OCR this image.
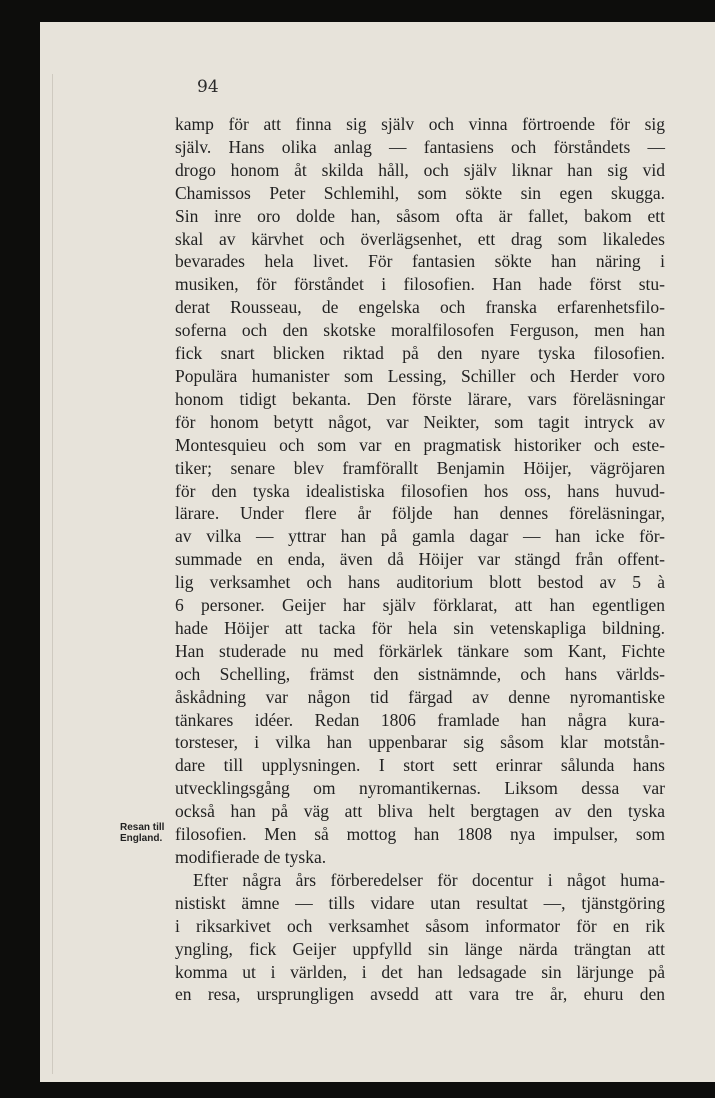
94
Resan till
England.
kamp för att finna sig själv och vinna förtroende för sig
själv. Hans olika anlag — fantasiens och förståndets —
drogo honom åt skilda håll, och själv liknar han sig vid
Chamissos Peter Schlemihl, som sökte sin egen skugga.
Sin inre oro dolde han, såsom ofta är fallet, bakom ett
skal av kärvhet och överlägsenhet, ett drag som likaledes
bevarades hela livet. För fantasien sökte han näring i
musiken, för förståndet i filosofien. Han hade först stu-
derat Rousseau, de engelska och franska erfarenhetsfilo-
soferna och den skotske moralfilosofen Ferguson, men han
fick snart blicken riktad på den nyare tyska filosofien.
Populära humanister som Lessing, Schiller och Herder voro
honom tidigt bekanta. Den förste lärare, vars föreläsningar
för honom betytt något, var Neikter, som tagit intryck av
Montesquieu och som var en pragmatisk historiker och este-
tiker; senare blev framförallt Benjamin Höijer, vägröjaren
för den tyska idealistiska filosofien hos oss, hans huvud-
lärare. Under flere år följde han dennes föreläsningar,
av vilka — yttrar han på gamla dagar — han icke för-
summade en enda, även då Höijer var stängd från offent-
lig verksamhet och hans auditorium blott bestod av 5 à
6 personer. Geijer har själv förklarat, att han egentligen
hade Höijer att tacka för hela sin vetenskapliga bildning.
Han studerade nu med förkärlek tänkare som Kant, Fichte
och Schelling, främst den sistnämnde, och hans världs-
åskådning var någon tid färgad av denne nyromantiske
tänkares idéer. Redan 1806 framlade han några kura-
torsteser, i vilka han uppenbarar sig såsom klar motstån-
dare till upplysningen. I stort sett erinrar sålunda hans
utvecklingsgång om nyromantikernas. Liksom dessa var
också han på väg att bliva helt bergtagen av den tyska
filosofien. Men så mottog han 1808 nya impulser, som
modifierade de tyska.
Efter några års förberedelser för docentur i något huma-
nistiskt ämne — tills vidare utan resultat —, tjänstgöring
i riksarkivet och verksamhet såsom informator för en rik
yngling, fick Geijer uppfylld sin länge närda trängtan att
komma ut i världen, i det han ledsagade sin lärjunge på
en resa, ursprungligen avsedd att vara tre år, ehuru den
